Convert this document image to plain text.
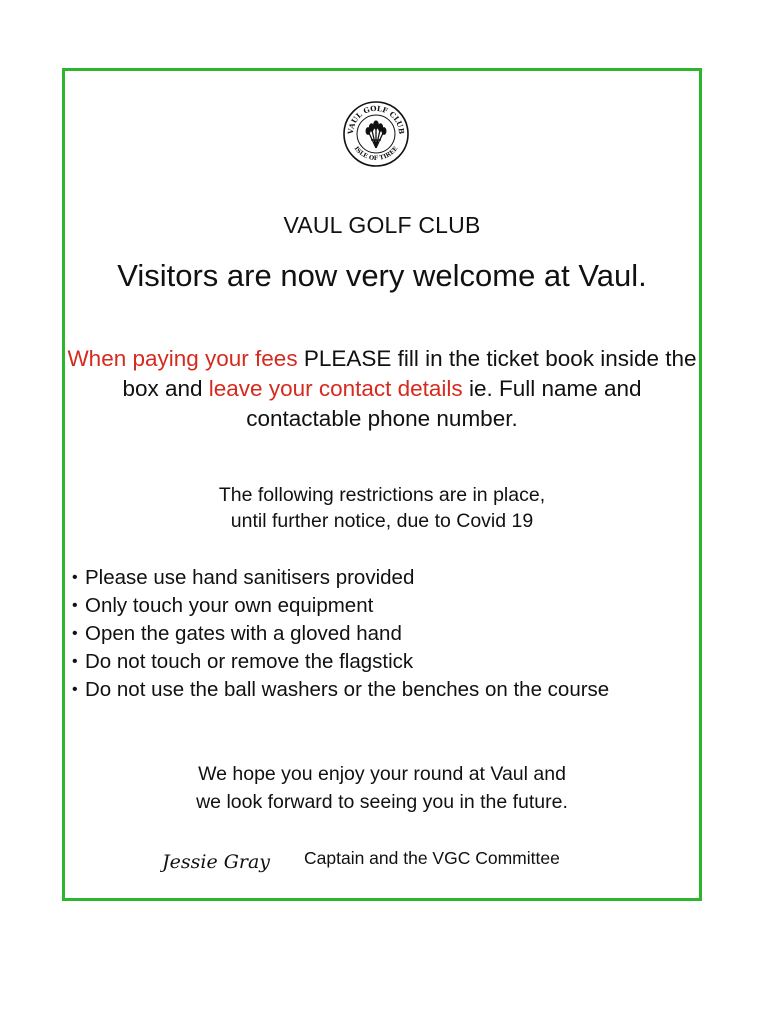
VAUL GOLF CLUB
ISLE OF TIREE
VAUL GOLF CLUB
Visitors are now very welcome at Vaul.
When paying your fees PLEASE fill in the ticket book inside the box and leave your contact details ie. Full name and contactable phone number.
The following restrictions are in place,
until further notice, due to Covid 19
• Please use hand sanitisers provided
• Only touch your own equipment
• Open the gates with a gloved hand
• Do not touch or remove the flagstick
• Do not use the ball washers or the benches on the course
We hope you enjoy your round at Vaul and
we look forward to seeing you in the future.
Jessie Gray Captain and the VGC Committee
